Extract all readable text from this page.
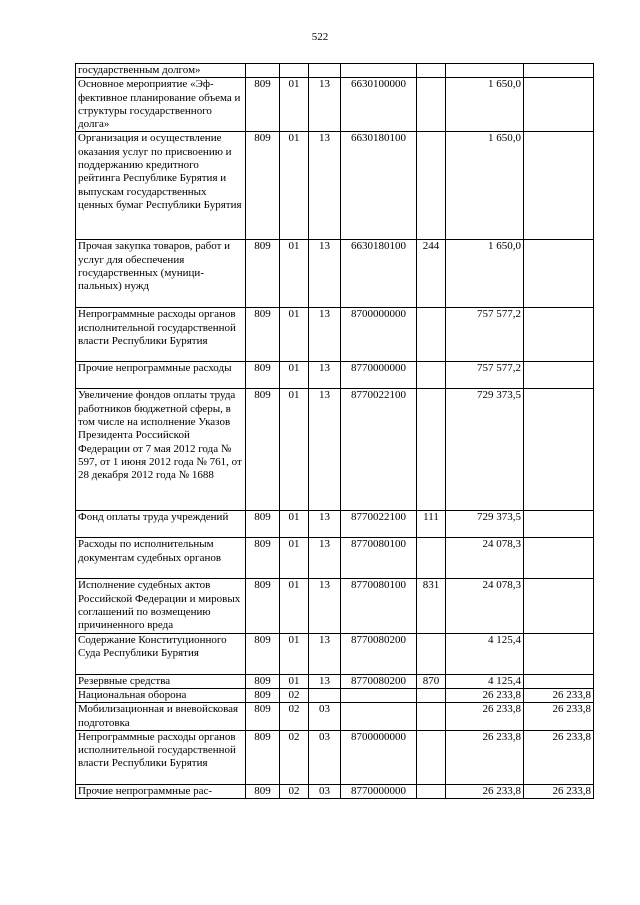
522
государственным долгом»							
Основное мероприятие «Эффективное планирование объема и структуры государственного долга»	809	01	13	6630100000		1 650,0	
Организация и осуществление оказания услуг по присвоению и поддержанию кредитного рейтинга Республике Бурятия и выпускам государственных ценных бумаг Республики Бурятия	809	01	13	6630180100		1 650,0	
Прочая закупка товаров, работ и услуг для обеспечения государственных (муниципальных) нужд	809	01	13	6630180100	244	1 650,0	
Непрограммные расходы органов исполнительной государственной власти Республики Бурятия	809	01	13	8700000000		757 577,2	
Прочие непрограммные расходы	809	01	13	8770000000		757 577,2	
Увеличение фондов оплаты труда работников бюджетной сферы, в том числе на исполнение Указов Президента Российской Федерации от 7 мая 2012 года № 597, от 1 июня 2012 года № 761, от 28 декабря 2012 года № 1688	809	01	13	8770022100		729 373,5	
Фонд оплаты труда учреждений	809	01	13	8770022100	111	729 373,5	
Расходы по исполнительным документам судебных органов	809	01	13	8770080100		24 078,3	
Исполнение судебных актов Российской Федерации и мировых соглашений по возмещению причиненного вреда	809	01	13	8770080100	831	24 078,3	
Содержание Конституционного Суда Республики Бурятия	809	01	13	8770080200		4 125,4	
Резервные средства	809	01	13	8770080200	870	4 125,4	
Национальная оборона	809	02				26 233,8	26 233,8
Мобилизационная и вневойсковая подготовка	809	02	03			26 233,8	26 233,8
Непрограммные расходы органов исполнительной государственной власти Республики Бурятия	809	02	03	8700000000		26 233,8	26 233,8
Прочие непрограммные рас-	809	02	03	8770000000		26 233,8	26 233,8
